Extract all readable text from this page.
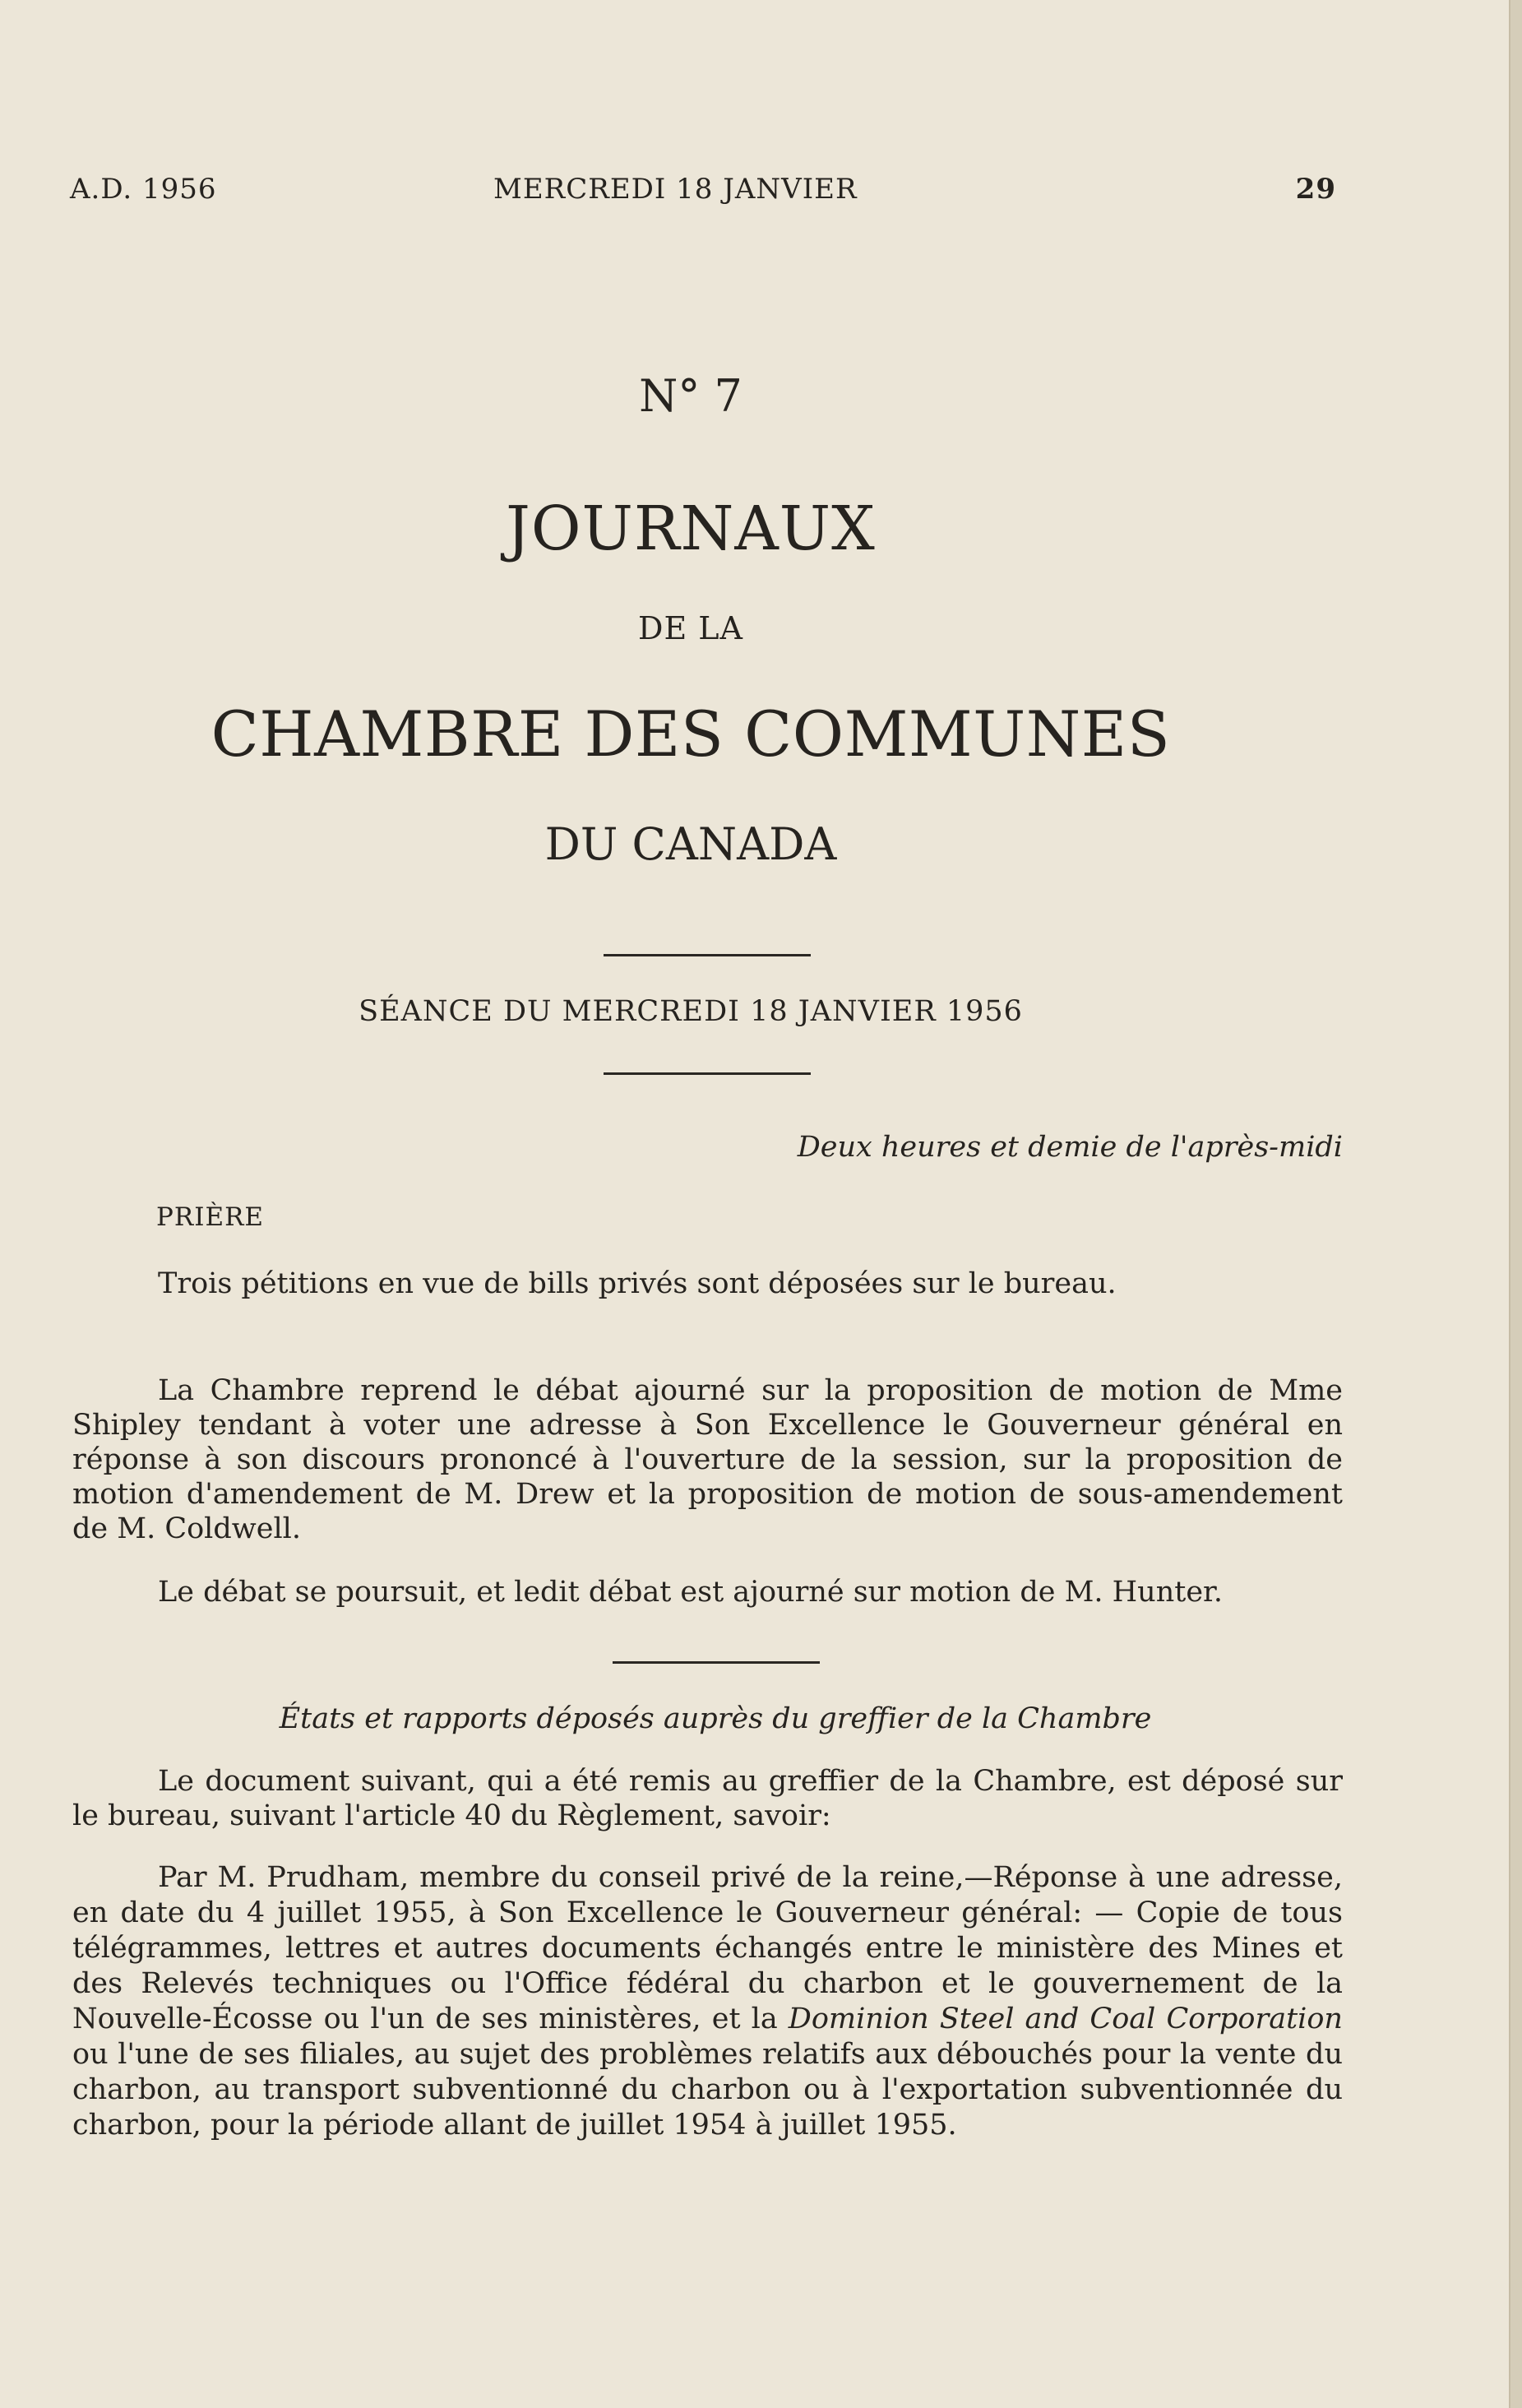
A.D. 1956	MERCREDI 18 JANVIER	29
N° 7
JOURNAUX
DE LA
CHAMBRE DES COMMUNES
DU CANADA
SÉANCE DU MERCREDI 18 JANVIER 1956
Deux heures et demie de l'après-midi
PRIÈRE

Trois pétitions en vue de bills privés sont déposées sur le bureau.

La Chambre reprend le débat ajourné sur la proposition de motion de Mme Shipley tendant à voter une adresse à Son Excellence le Gouverneur général en réponse à son discours prononcé à l'ouverture de la session, sur la proposition de motion d'amendement de M. Drew et la proposition de motion de sous-amendement de M. Coldwell.

Le débat se poursuit, et ledit débat est ajourné sur motion de M. Hunter.

États et rapports déposés auprès du greffier de la Chambre

Le document suivant, qui a été remis au greffier de la Chambre, est déposé sur le bureau, suivant l'article 40 du Règlement, savoir:

Par M. Prudham, membre du conseil privé de la reine,—Réponse à une adresse, en date du 4 juillet 1955, à Son Excellence le Gouverneur général: — Copie de tous télégrammes, lettres et autres documents échangés entre le ministère des Mines et des Relevés techniques ou l'Office fédéral du charbon et le gouvernement de la Nouvelle-Écosse ou l'un de ses ministères, et la Dominion Steel and Coal Corporation ou l'une de ses filiales, au sujet des problèmes relatifs aux débouchés pour la vente du charbon, au transport subventionné du charbon ou à l'exportation subventionnée du charbon, pour la période allant de juillet 1954 à juillet 1955.
